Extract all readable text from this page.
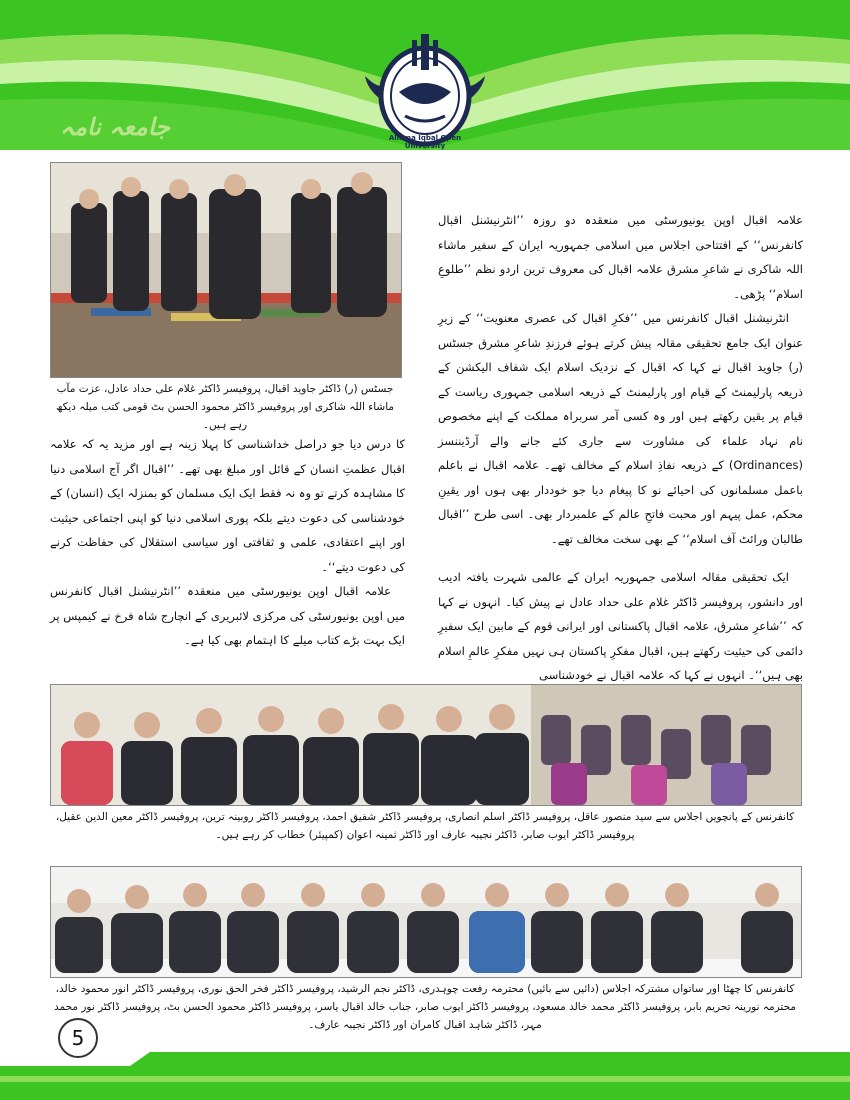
جامعہ نامہ	Allama Iqbal Open University
جسٹس (ر) ڈاکٹر جاوید اقبال، پروفیسر ڈاکٹر غلام علی حداد عادل، عزت مآب ماشاء اللہ شاکری اور پروفیسر ڈاکٹر محمود الحسن بٹ قومی کتب میلہ دیکھ رہے ہیں۔

علامہ اقبال اوپن یونیورسٹی میں منعقدہ دو روزہ ’’انٹرنیشنل اقبال کانفرنس‘‘ کے افتتاحی اجلاس میں اسلامی جمہوریہ ایران کے سفیر ماشاء اللہ شاکری نے شاعرِ مشرق علامہ اقبال کی معروف ترین اردو نظم ’’طلوعِ اسلام‘‘ پڑھی۔

انٹرنیشنل اقبال کانفرنس میں ’’فکرِ اقبال کی عصری معنویت‘‘ کے زیرِ عنوان ایک جامع تحقیقی مقالہ پیش کرتے ہوئے فرزندِ شاعرِ مشرق جسٹس (ر) جاوید اقبال نے کہا کہ اقبال کے نزدیک اسلام ایک شفاف الیکشن کے ذریعہ پارلیمنٹ کے قیام اور پارلیمنٹ کے ذریعہ اسلامی جمہوری ریاست کے قیام پر یقین رکھتے ہیں اور وہ کسی آمر سربراہ مملکت کے اپنے مخصوص نام نہاد علماء کی مشاورت سے جاری کئے جانے والے آرڈیننسز (Ordinances) کے ذریعہ نفاذِ اسلام کے مخالف تھے۔ علامہ اقبال نے باعلم باعمل مسلمانوں کی احیائے نو کا پیغام دیا جو خوددار بھی ہوں اور یقینِ محکم، عمل پیہم اور محبت فاتحِ عالم کے علمبردار بھی۔ اسی طرح ’’اقبال طالبان ورائٹ آف اسلام‘‘ کے بھی سخت مخالف تھے۔

ایک تحقیقی مقالہ اسلامی جمہوریہ ایران کے عالمی شہرت یافتہ ادیب اور دانشور، پروفیسر ڈاکٹر غلام علی حداد عادل نے پیش کیا۔ انہوں نے کہا کہ ’’شاعرِ مشرق، علامہ اقبال پاکستانی اور ایرانی قوم کے مابین ایک سفیرِ دائمی کی حیثیت رکھتے ہیں، اقبال مفکرِ پاکستان ہی نہیں مفکرِ عالمِ اسلام بھی ہیں‘‘۔ انہوں نے کہا کہ علامہ اقبال نے خودشناسی

کا درس دیا جو دراصل خداشناسی کا پہلا زینہ ہے اور مزید یہ کہ علامہ اقبال عظمتِ انسان کے قائل اور مبلغ بھی تھے۔ ’’اقبال اگر آج اسلامی دنیا کا مشاہدہ کرتے تو وہ نہ فقط ایک ایک مسلمان کو بمنزلہ ایک (انسان) کے خودشناسی کی دعوت دیتے بلکہ پوری اسلامی دنیا کو اپنی اجتماعی حیثیت اور اپنے اعتقادی، علمی و ثقافتی اور سیاسی استقلال کی حفاظت کرنے کی دعوت دیتے‘‘۔

علامہ اقبال اوپن یونیورسٹی میں منعقدہ ’’انٹرنیشنل اقبال کانفرنس میں اوپن یونیورسٹی کی مرکزی لائبریری کے انچارج شاہ فرخ نے کیمپس پر ایک بہت بڑے کتاب میلے کا اہتمام بھی کیا ہے۔

کانفرنس کے پانچویں اجلاس سے سید منصور عاقل، پروفیسر ڈاکٹر اسلم انصاری، پروفیسر ڈاکٹر شفیق احمد، پروفیسر ڈاکٹر روبینہ ترین، پروفیسر ڈاکٹر معین الدین عقیل، پروفیسر ڈاکٹر ایوب صابر، ڈاکٹر نجیبہ عارف اور ڈاکٹر ثمینہ اعوان (کمپیئر) خطاب کر رہے ہیں۔
کانفرنس کا چھٹا اور ساتواں مشترکہ اجلاس (دائیں سے بائیں) محترمہ رفعت چوہدری، ڈاکٹر نجم الرشید، پروفیسر ڈاکٹر فخر الحق نوری، پروفیسر ڈاکٹر انور محمود خالد، محترمہ نورینہ تحریم بابر، پروفیسر ڈاکٹر محمد خالد مسعود، پروفیسر ڈاکٹر ایوب صابر، جناب خالد اقبال یاسر، پروفیسر ڈاکٹر محمود الحسن بٹ، پروفیسر ڈاکٹر نور محمد مہر، ڈاکٹر شاہد اقبال کامران اور ڈاکٹر نجیبہ عارف۔
5
